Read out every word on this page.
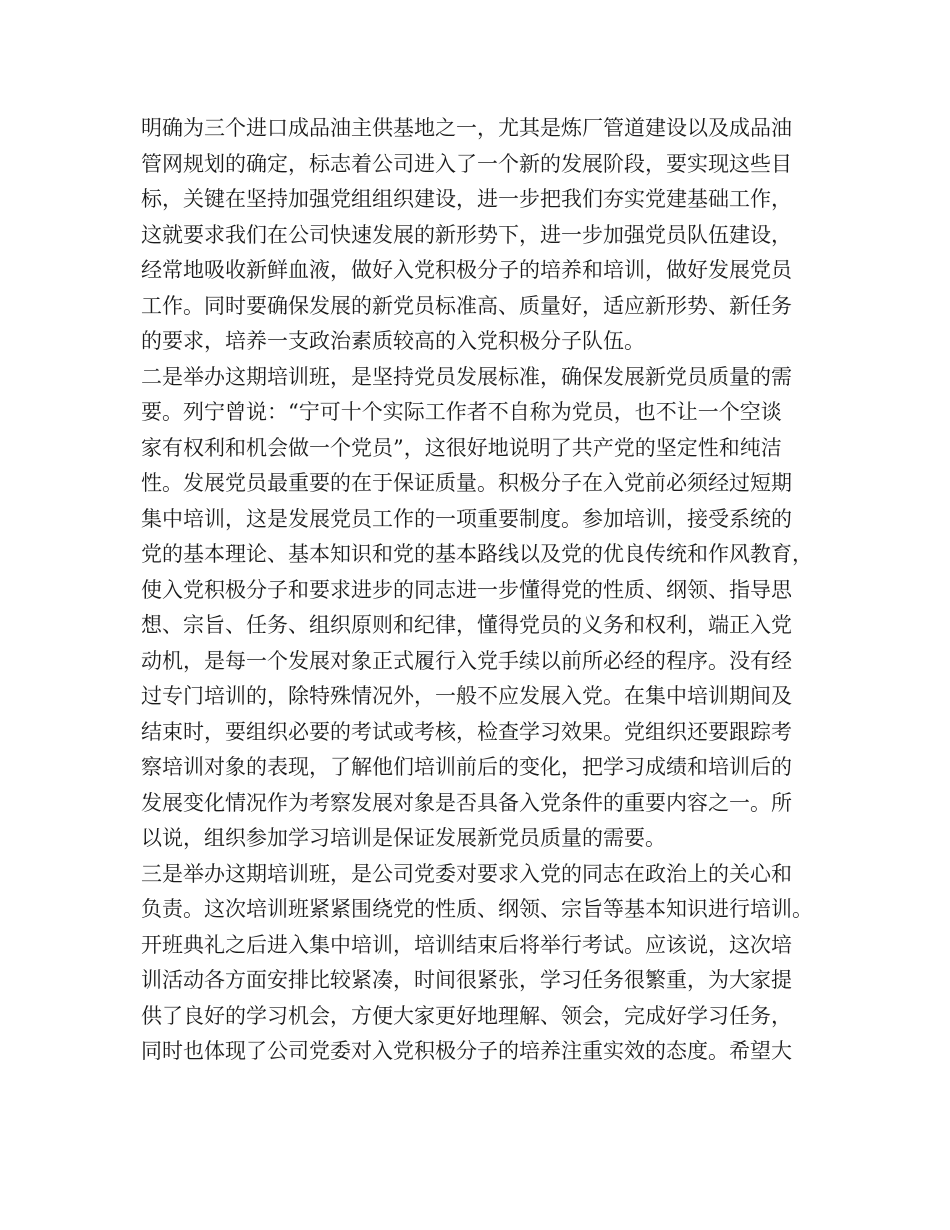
明确为三个进口成品油主供基地之一，尤其是炼厂管道建设以及成品油
管网规划的确定，标志着公司进入了一个新的发展阶段，要实现这些目
标，关键在坚持加强党组组织建设，进一步把我们夯实党建基础工作，
这就要求我们在公司快速发展的新形势下，进一步加强党员队伍建设，
经常地吸收新鲜血液，做好入党积极分子的培养和培训，做好发展党员
工作。同时要确保发展的新党员标准高、质量好，适应新形势、新任务
的要求，培养一支政治素质较高的入党积极分子队伍。
二是举办这期培训班，是坚持党员发展标准，确保发展新党员质量的需
要。列宁曾说：“宁可十个实际工作者不自称为党员，也不让一个空谈
家有权利和机会做一个党员”，这很好地说明了共产党的坚定性和纯洁
性。发展党员最重要的在于保证质量。积极分子在入党前必须经过短期
集中培训，这是发展党员工作的一项重要制度。参加培训，接受系统的
党的基本理论、基本知识和党的基本路线以及党的优良传统和作风教育，
使入党积极分子和要求进步的同志进一步懂得党的性质、纲领、指导思
想、宗旨、任务、组织原则和纪律，懂得党员的义务和权利，端正入党
动机，是每一个发展对象正式履行入党手续以前所必经的程序。没有经
过专门培训的，除特殊情况外，一般不应发展入党。在集中培训期间及
结束时，要组织必要的考试或考核，检查学习效果。党组织还要跟踪考
察培训对象的表现，了解他们培训前后的变化，把学习成绩和培训后的
发展变化情况作为考察发展对象是否具备入党条件的重要内容之一。所
以说，组织参加学习培训是保证发展新党员质量的需要。
三是举办这期培训班，是公司党委对要求入党的同志在政治上的关心和
负责。这次培训班紧紧围绕党的性质、纲领、宗旨等基本知识进行培训。
开班典礼之后进入集中培训，培训结束后将举行考试。应该说，这次培
训活动各方面安排比较紧凑，时间很紧张，学习任务很繁重，为大家提
供了良好的学习机会，方便大家更好地理解、领会，完成好学习任务，
同时也体现了公司党委对入党积极分子的培养注重实效的态度。希望大
